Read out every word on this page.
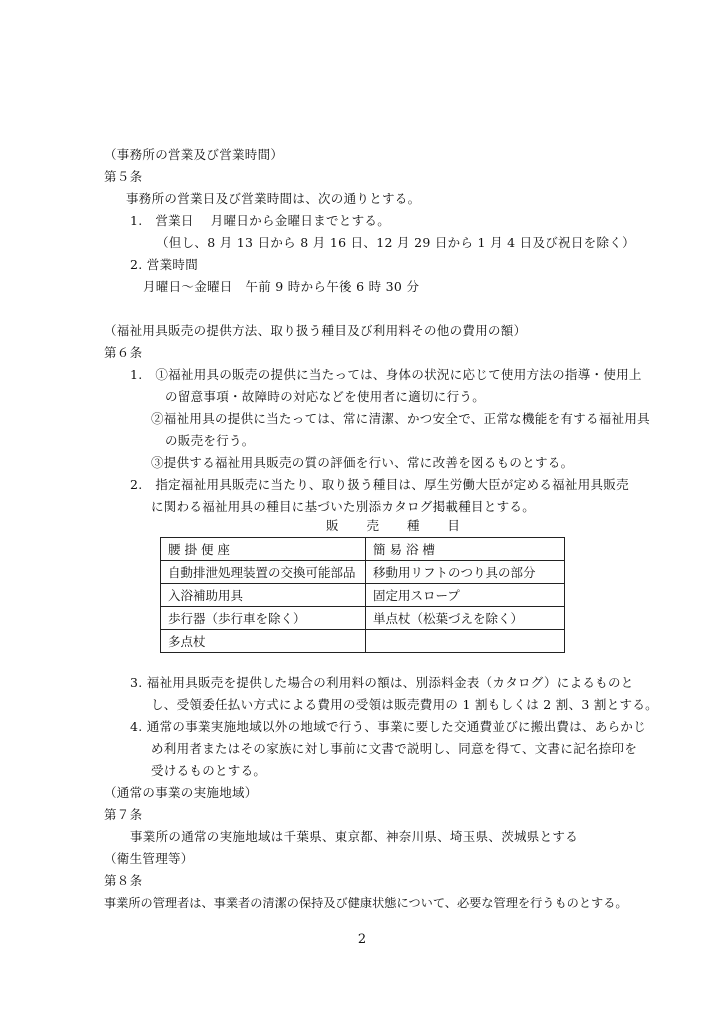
（事務所の営業及び営業時間）
第５条
事務所の営業日及び営業時間は、次の通りとする。
1.　営業日　 月曜日から金曜日までとする。
（但し、8 月 13 日から 8 月 16 日、12 月 29 日から 1 月 4 日及び祝日を除く）
2. 営業時間
月曜日～金曜日　午前 9 時から午後 6 時 30 分
（福祉用具販売の提供方法、取り扱う種目及び利用料その他の費用の額）
第６条
1.　①福祉用具の販売の提供に当たっては、身体の状況に応じて使用方法の指導・使用上
の留意事項・故障時の対応などを使用者に適切に行う。
②福祉用具の提供に当たっては、常に清潔、かつ安全で、正常な機能を有する福祉用具
の販売を行う。
③提供する福祉用具販売の質の評価を行い、常に改善を図るものとする。
2.　指定福祉用具販売に当たり、取り扱う種目は、厚生労働大臣が定める福祉用具販売
に関わる福祉用具の種目に基づいた別添カタログ掲載種目とする。
販 売 種 目
腰 掛 便 座	簡 易 浴 槽
自動排泄処理装置の交換可能部品	移動用リフトのつり具の部分
入浴補助用具	固定用スロープ
歩行器（歩行車を除く）	単点杖（松葉づえを除く）
多点杖	
3. 福祉用具販売を提供した場合の利用料の額は、別添料金表（カタログ）によるものと
し、受領委任払い方式による費用の受領は販売費用の 1 割もしくは 2 割、3 割とする。
4. 通常の事業実施地域以外の地域で行う、事業に要した交通費並びに搬出費は、あらかじ
め利用者またはその家族に対し事前に文書で説明し、同意を得て、文書に記名捺印を
受けるものとする。
（通常の事業の実施地域）
第７条
事業所の通常の実施地域は千葉県、東京都、神奈川県、埼玉県、茨城県とする
（衛生管理等）
第８条
事業所の管理者は、事業者の清潔の保持及び健康状態について、必要な管理を行うものとする。
2
